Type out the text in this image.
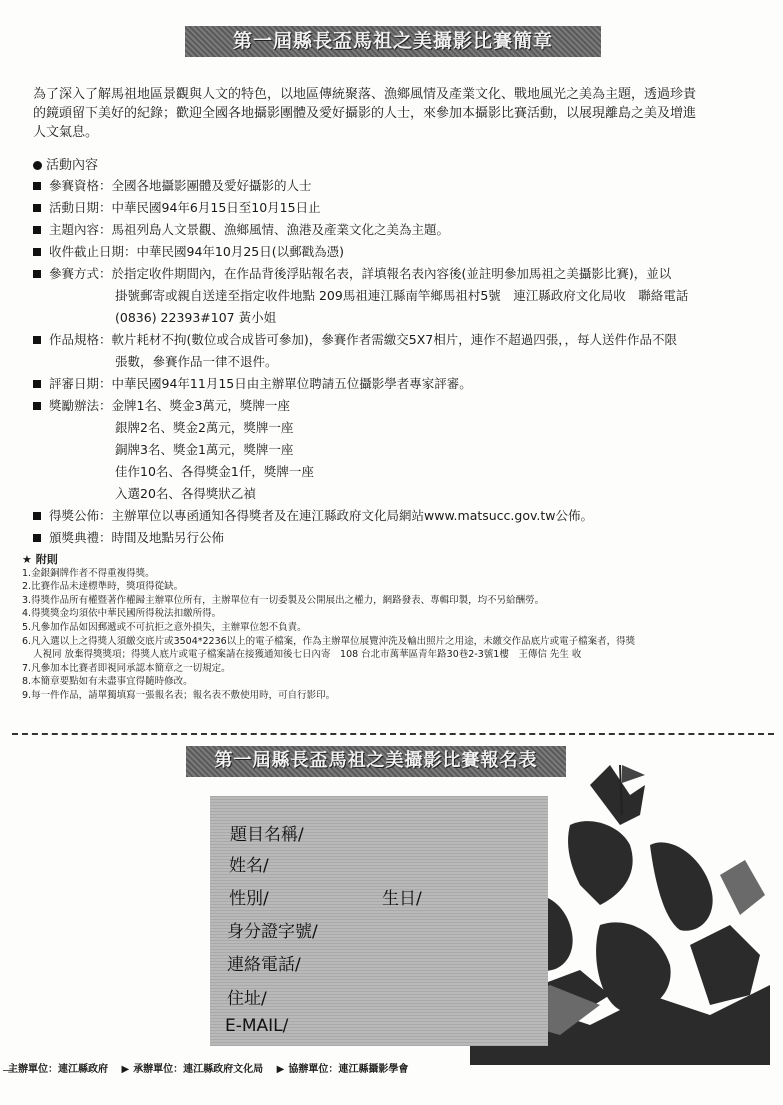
第一屆縣長盃馬祖之美攝影比賽簡章

為了深入了解馬祖地區景觀與人文的特色，以地區傳統聚落、漁鄉風情及產業文化、戰地風光之美為主題，透過珍貴

的鏡頭留下美好的紀錄；歡迎全國各地攝影團體及愛好攝影的人士，來參加本攝影比賽活動，以展現離島之美及增進

人文氣息。

活動內容
參賽資格： 全國各地攝影團體及愛好攝影的人士
活動日期： 中華民國94年6月15日至10月15日止
主題內容： 馬祖列島人文景觀、漁鄉風情、漁港及產業文化之美為主題。
收件截止日期： 中華民國94年10月25日(以郵戳為憑)
參賽方式： 於指定收件期間內，在作品背後浮貼報名表，詳填報名表內容後(並註明參加馬祖之美攝影比賽)，並以
掛號郵寄或親自送達至指定收件地點 209馬祖連江縣南竿鄉馬祖村5號　連江縣政府文化局收　聯絡電話
(0836) 22393#107 黃小姐
作品規格： 軟片耗材不拘(數位或合成皆可參加)，參賽作者需繳交5X7相片，連作不超過四張，，每人送件作品不限
張數，參賽作品一律不退件。
評審日期： 中華民國94年11月15日由主辦單位聘請五位攝影學者專家評審。
獎勵辦法： 金牌1名、獎金3萬元，獎牌一座
銀牌2名、獎金2萬元，獎牌一座
銅牌3名、獎金1萬元，獎牌一座
佳作10名、各得獎金1仟，獎牌一座
入選20名、各得獎狀乙禎
得獎公佈： 主辦單位以專函通知各得獎者及在連江縣政府文化局網站www.matsucc.gov.tw公佈。
頒獎典禮： 時間及地點另行公佈
★ 附則
1.金銀銅牌作者不得重複得獎。
2.比賽作品未達標準時，獎項得從缺。
3.得獎作品所有權暨著作權歸主辦單位所有，主辦單位有一切委製及公開展出之權力，網路發表、專輯印製，均不另給酬勞。
4.得獎獎金均須依中華民國所得稅法扣繳所得。
5.凡參加作品如因郵遞或不可抗拒之意外損失，主辦單位恕不負責。
6.凡入選以上之得獎人須繳交底片或3504*2236以上的電子檔案，作為主辦單位展覽沖洗及輸出照片之用途，未繳交作品底片或電子檔案者，得獎
人視同 放棄得獎獎項；得獎人底片或電子檔案請在接獲通知後七日內寄　108 台北市萬華區青年路30巷2-3號1樓　王傳信 先生 收
7.凡參加本比賽者即視同承認本簡章之一切規定。
8.本簡章要點如有未盡事宜得隨時修改。
9.每一件作品，請單獨填寫一張報名表；報名表不敷使用時，可自行影印。
第一屆縣長盃馬祖之美攝影比賽報名表
題目名稱/
姓名/
性別/	生日/
身分證字號/
連絡電話/
住址/
E-MAIL/
主辦單位：連江縣政府 ▶ 承辦單位：連江縣政府文化局 ▶ 協辦單位：連江縣攝影學會
